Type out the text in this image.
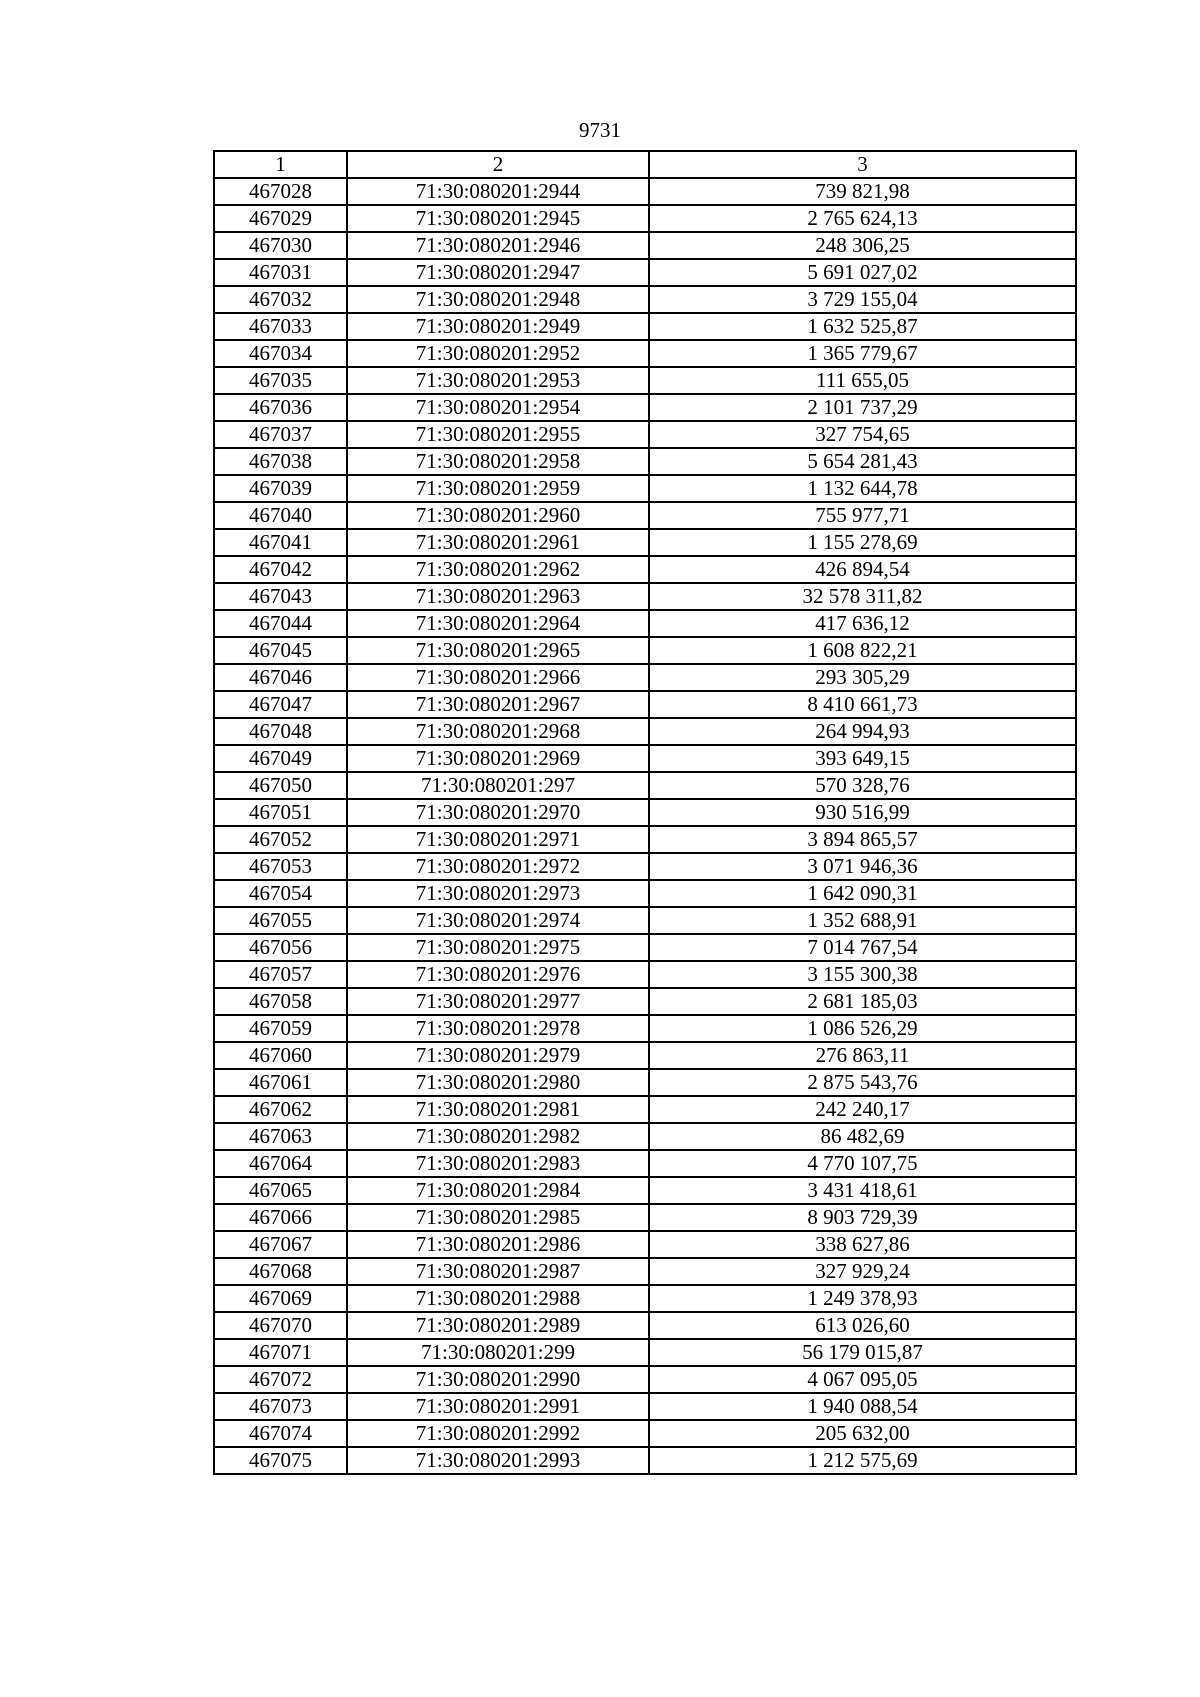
9731
1	2	3
467028	71:30:080201:2944	739 821,98
467029	71:30:080201:2945	2 765 624,13
467030	71:30:080201:2946	248 306,25
467031	71:30:080201:2947	5 691 027,02
467032	71:30:080201:2948	3 729 155,04
467033	71:30:080201:2949	1 632 525,87
467034	71:30:080201:2952	1 365 779,67
467035	71:30:080201:2953	111 655,05
467036	71:30:080201:2954	2 101 737,29
467037	71:30:080201:2955	327 754,65
467038	71:30:080201:2958	5 654 281,43
467039	71:30:080201:2959	1 132 644,78
467040	71:30:080201:2960	755 977,71
467041	71:30:080201:2961	1 155 278,69
467042	71:30:080201:2962	426 894,54
467043	71:30:080201:2963	32 578 311,82
467044	71:30:080201:2964	417 636,12
467045	71:30:080201:2965	1 608 822,21
467046	71:30:080201:2966	293 305,29
467047	71:30:080201:2967	8 410 661,73
467048	71:30:080201:2968	264 994,93
467049	71:30:080201:2969	393 649,15
467050	71:30:080201:297	570 328,76
467051	71:30:080201:2970	930 516,99
467052	71:30:080201:2971	3 894 865,57
467053	71:30:080201:2972	3 071 946,36
467054	71:30:080201:2973	1 642 090,31
467055	71:30:080201:2974	1 352 688,91
467056	71:30:080201:2975	7 014 767,54
467057	71:30:080201:2976	3 155 300,38
467058	71:30:080201:2977	2 681 185,03
467059	71:30:080201:2978	1 086 526,29
467060	71:30:080201:2979	276 863,11
467061	71:30:080201:2980	2 875 543,76
467062	71:30:080201:2981	242 240,17
467063	71:30:080201:2982	86 482,69
467064	71:30:080201:2983	4 770 107,75
467065	71:30:080201:2984	3 431 418,61
467066	71:30:080201:2985	8 903 729,39
467067	71:30:080201:2986	338 627,86
467068	71:30:080201:2987	327 929,24
467069	71:30:080201:2988	1 249 378,93
467070	71:30:080201:2989	613 026,60
467071	71:30:080201:299	56 179 015,87
467072	71:30:080201:2990	4 067 095,05
467073	71:30:080201:2991	1 940 088,54
467074	71:30:080201:2992	205 632,00
467075	71:30:080201:2993	1 212 575,69
